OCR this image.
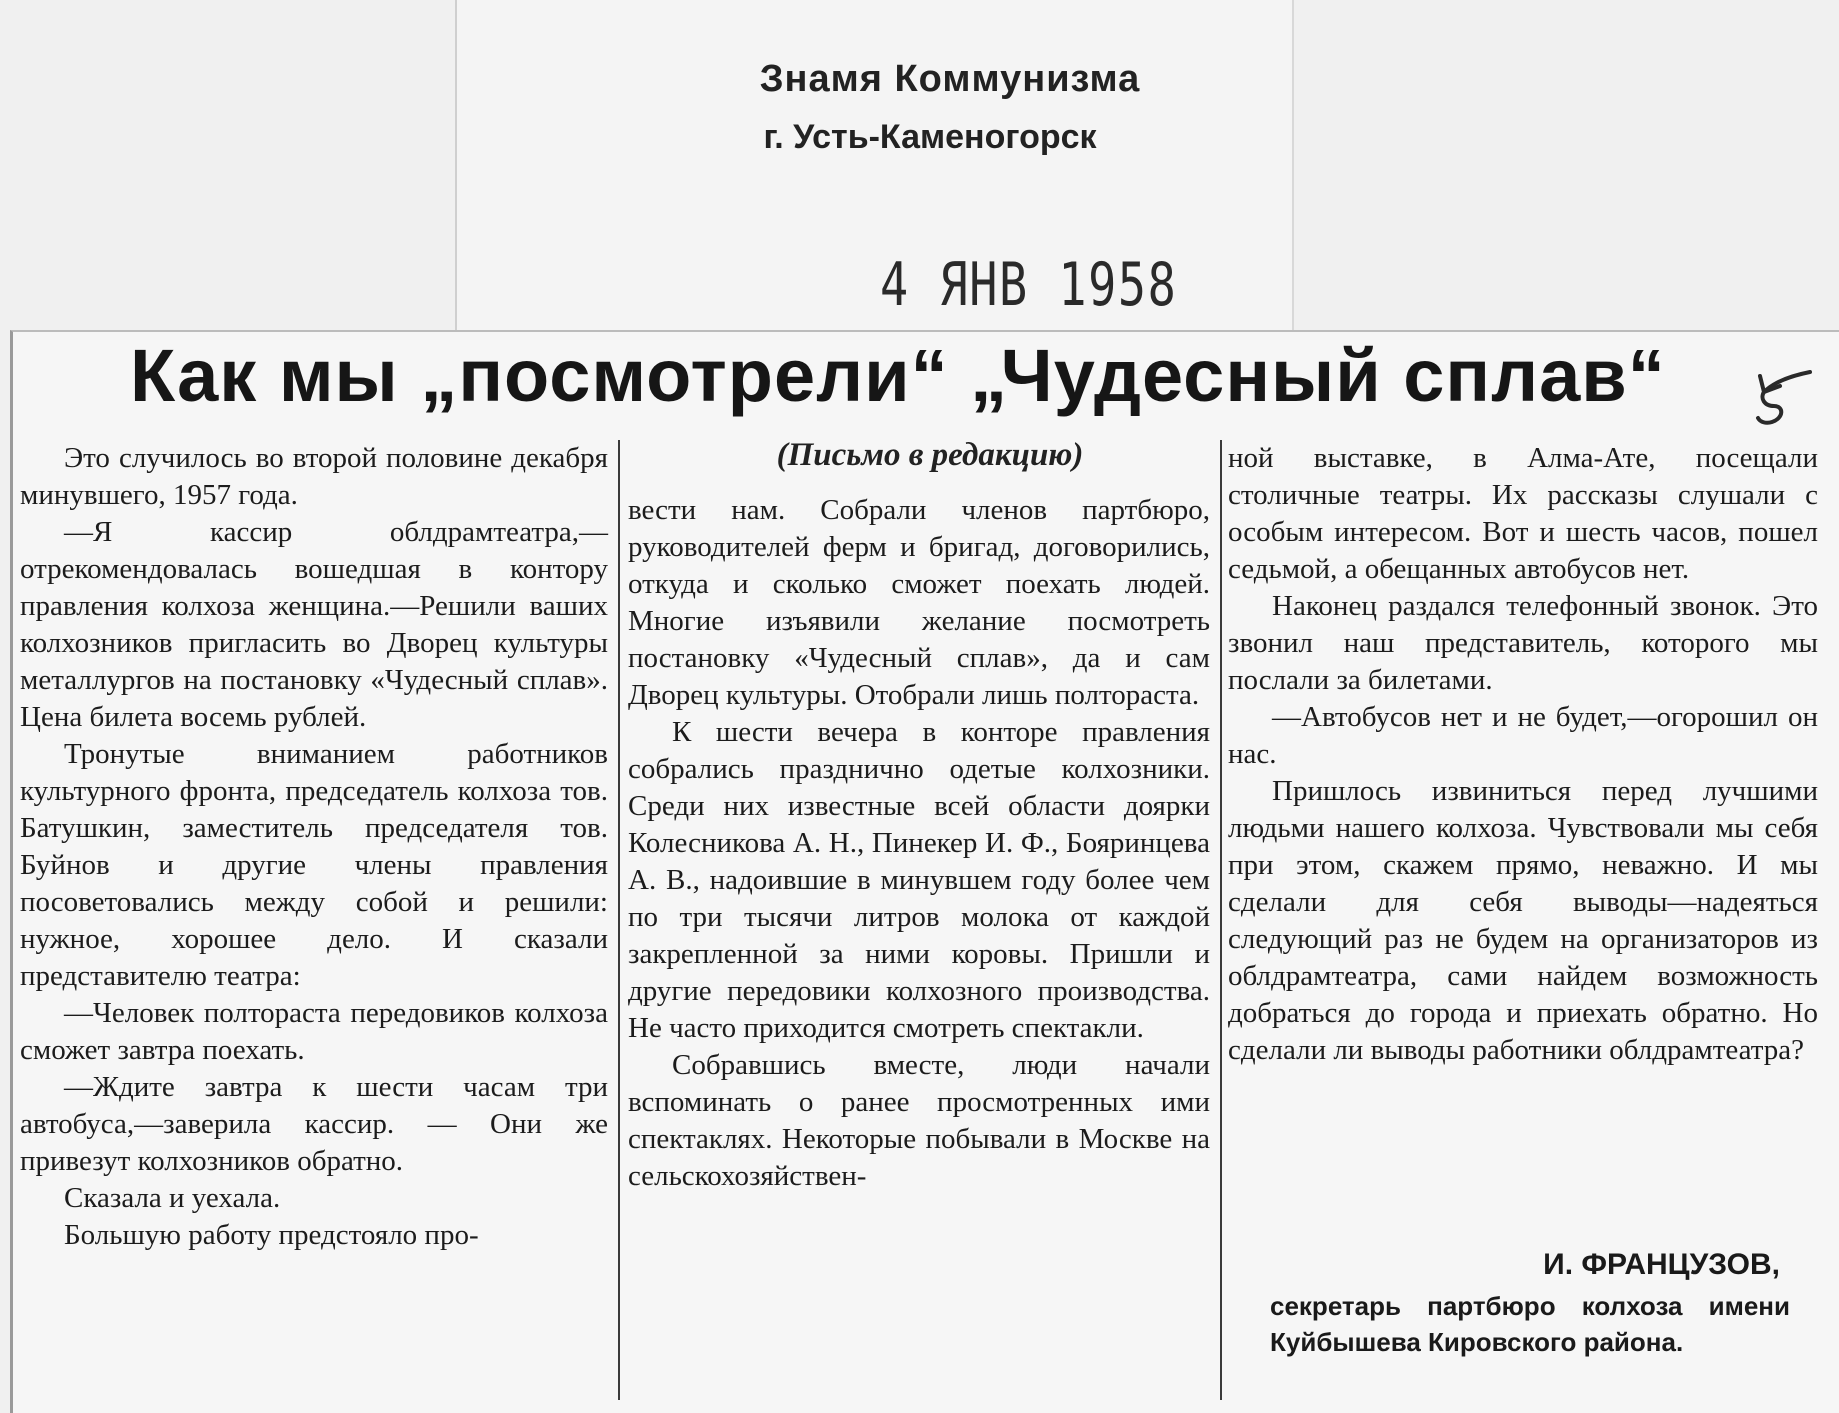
Знамя Коммунизма
г. Усть-Каменогорск
4 ЯНВ 1958
Как мы „посмотрели“ „Чудесный сплав“
(Письмо в редакцию)

Это случилось во второй половине декабря минувшего, 1957 года.

—Я кассир облдрамтеатра,—отрекомендовалась вошедшая в контору правления колхоза женщина.—Решили ваших колхозников пригласить во Дворец культуры металлургов на постановку «Чудесный сплав». Цена билета восемь рублей.

Тронутые вниманием работников культурного фронта, председатель колхоза тов. Батушкин, заместитель председателя тов. Буйнов и другие члены правления посоветовались между собой и решили: нужное, хорошее дело. И сказали представителю театра:

—Человек полтораста передовиков колхоза сможет завтра поехать.

—Ждите завтра к шести часам три автобуса,—заверила кассир. — Они же привезут колхозников обратно.

Сказала и уехала.

Большую работу предстояло про-

вести нам. Собрали членов партбюро, руководителей ферм и бригад, договорились, откуда и сколько сможет поехать людей. Многие изъявили желание посмотреть постановку «Чудесный сплав», да и сам Дворец культуры. Отобрали лишь полтораста.

К шести вечера в конторе правления собрались празднично одетые колхозники. Среди них известные всей области доярки Колесникова А. Н., Пинекер И. Ф., Бояринцева А. В., надоившие в минувшем году более чем по три тысячи литров молока от каждой закрепленной за ними коровы. Пришли и другие передовики колхозного производства. Не часто приходится смотреть спектакли.

Собравшись вместе, люди начали вспоминать о ранее просмотренных ими спектаклях. Некоторые побывали в Москве на сельскохозяйствен-

ной выставке, в Алма-Ате, посещали столичные театры. Их рассказы слушали с особым интересом. Вот и шесть часов, пошел седьмой, а обещанных автобусов нет.

Наконец раздался телефонный звонок. Это звонил наш представитель, которого мы послали за билетами.

—Автобусов нет и не будет,—огорошил он нас.

Пришлось извиниться перед лучшими людьми нашего колхоза. Чувствовали мы себя при этом, скажем прямо, неважно. И мы сделали для себя выводы—надеяться следующий раз не будем на организаторов из облдрамтеатра, сами найдем возможность добраться до города и приехать обратно. Но сделали ли выводы работники облдрамтеатра?

И. ФРАНЦУЗОВ,
секретарь партбюро колхоза имени Куйбышева Кировского района.
